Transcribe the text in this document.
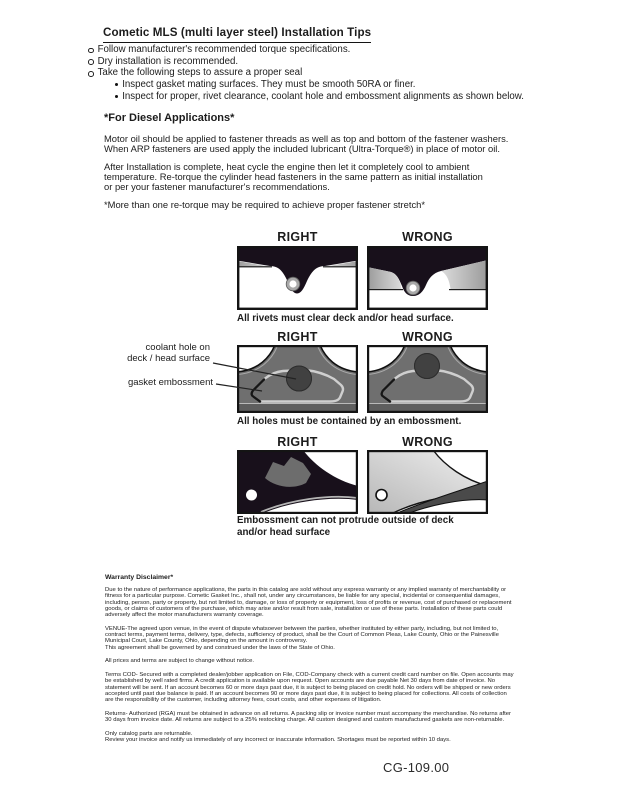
Cometic MLS (multi layer steel) Installation Tips
Follow manufacturer's recommended torque specifications.
Dry installation is recommended.
Take the following steps to assure a proper seal
Inspect gasket mating surfaces. They must be smooth 50RA or finer.
Inspect for proper, rivet clearance, coolant hole and embossment alignments as shown below.
*For Diesel Applications*

Motor oil should be applied to fastener threads as well as top and bottom of the fastener washers.
When ARP fasteners are used apply the included lubricant (Ultra-Torque®) in place of motor oil.

After Installation is complete, heat cycle the engine then let it completely cool to ambient
temperature. Re-torque the cylinder head fasteners in the same pattern as initial installation
or per your fastener manufacturer's recommendations.

*More than one re-torque may be required to achieve proper fastener stretch*

RIGHT	WRONG
All rivets must clear deck and/or head surface.
RIGHT	WRONG
coolant hole on
deck / head surface
gasket embossment
All holes must be contained by an embossment.
RIGHT	WRONG
Embossment can not protrude outside of deck
and/or head surface
Warranty Disclaimer*

Due to the nature of performance applications, the parts in this catalog are sold without any express warranty or any implied warranty of merchantability or
fitness for a particular purpose. Cometic Gasket Inc., shall not, under any circumstances, be liable for any special, incidental or consequential damages,
including, person, party or property, but not limited to, damage, or loss of property or equipment, loss of profits or revenue, cost of purchased or replacement
goods, or claims of customers of the purchase, which may arise and/or result from sale, installation or use of these parts. Installation of these parts could
adversely affect the motor manufacturers warranty coverage.

VENUE-The agreed upon venue, in the event of dispute whatsoever between the parties, whether instituted by either party, including, but not limited to,
contract terms, payment terms, delivery, type, defects, sufficiency of product, shall be the Court of Common Pleas, Lake County, Ohio or the Painesville
Municipal Court, Lake County, Ohio, depending on the amount in controversy.
This agreement shall be governed by and construed under the laws of the State of Ohio.

All prices and terms are subject to change without notice.

Terms COD- Secured with a completed dealer/jobber application on File, COD-Company check with a current credit card number on file. Open accounts may
be established by well rated firms. A credit application is available upon request. Open accounts are due payable Net 30 days from date of invoice. No
statement will be sent. If an account becomes 60 or more days past due, it is subject to being placed on credit hold. No orders will be shipped or new orders
accepted until past due balance is paid. If an account becomes 90 or more days past due, it is subject to being placed for collections. All costs of collection
are the responsibility of the customer, including attorney fees, court costs, and other expenses of litigation.

Returns- Authorized (RGA) must be obtained in advance on all returns. A packing slip or invoice number must accompany the merchandise. No returns after
30 days from invoice date. All returns are subject to a 25% restocking charge. All custom designed and custom manufactured gaskets are non-returnable.

Only catalog parts are returnable.
Review your invoice and notify us immediately of any incorrect or inaccurate information. Shortages must be reported within 10 days.

CG-109.00
